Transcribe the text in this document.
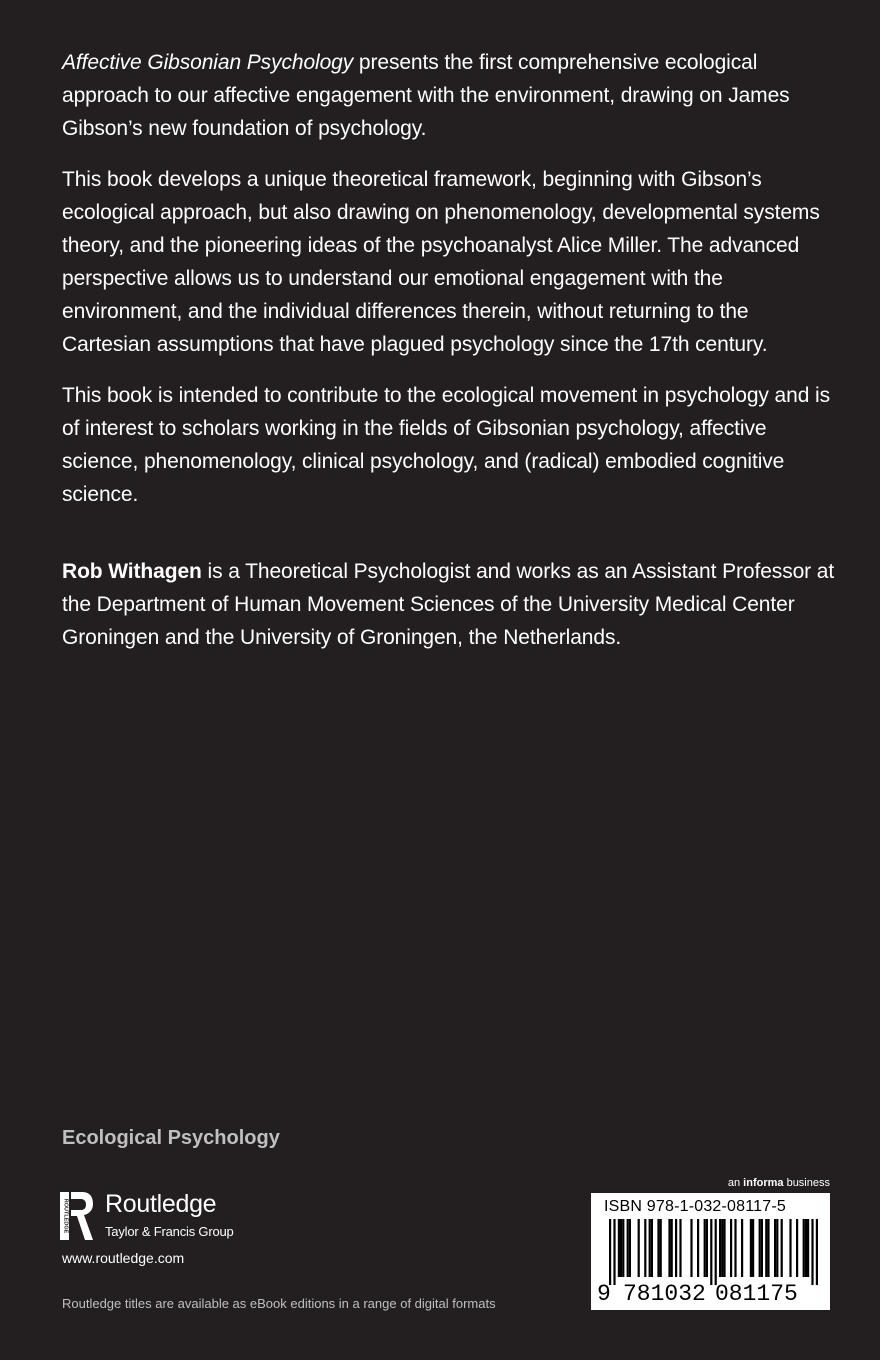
Affective Gibsonian Psychology presents the first comprehensive ecological approach to our affective engagement with the environment, drawing on James Gibson’s new foundation of psychology.

This book develops a unique theoretical framework, beginning with Gibson’s ecological approach, but also drawing on phenomenology, developmental systems theory, and the pioneering ideas of the psychoanalyst Alice Miller. The advanced perspective allows us to understand our emotional engagement with the environment, and the individual differences therein, without returning to the Cartesian assumptions that have plagued psychology since the 17th century.

This book is intended to contribute to the ecological movement in psychology and is of interest to scholars working in the fields of Gibsonian psychology, affective science, phenomenology, clinical psychology, and (radical) embodied cognitive science.

Rob Withagen is a Theoretical Psychologist and works as an Assistant Professor at the Department of Human Movement Sciences of the University Medical Center Groningen and the University of Groningen, the Netherlands.

Ecological Psychology
ROUTLEDGE Routledge
Taylor & Francis Group
www.routledge.com
Routledge titles are available as eBook editions in a range of digital formats
an informa business
ISBN 978-1-032-08117-5
9 781032 081175
